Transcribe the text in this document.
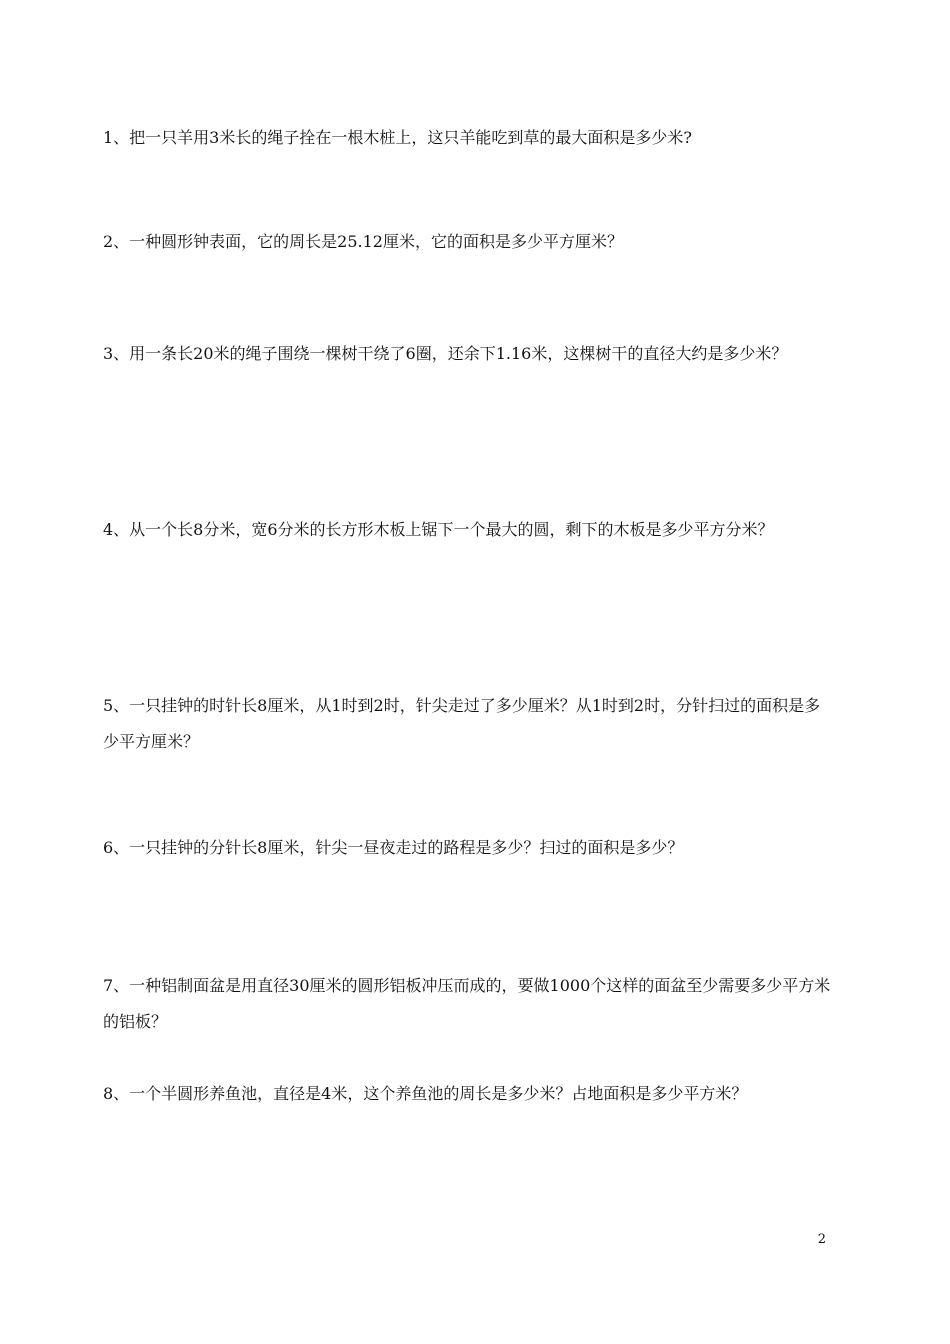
1、把一只羊用3米长的绳子拴在一根木桩上，这只羊能吃到草的最大面积是多少米?

2、一种圆形钟表面，它的周长是25.12厘米，它的面积是多少平方厘米？

3、用一条长20米的绳子围绕一棵树干绕了6圈，还余下1.16米，这棵树干的直径大约是多少米？

4、从一个长8分米，宽6分米的长方形木板上锯下一个最大的圆，剩下的木板是多少平方分米？

5、一只挂钟的时针长8厘米，从1时到2时，针尖走过了多少厘米？从1时到2时，分针扫过的面积是多少平方厘米？

6、一只挂钟的分针长8厘米，针尖一昼夜走过的路程是多少？扫过的面积是多少？

7、一种铝制面盆是用直径30厘米的圆形铝板冲压而成的，要做1000个这样的面盆至少需要多少平方米的铝板？

8、一个半圆形养鱼池，直径是4米，这个养鱼池的周长是多少米？占地面积是多少平方米？

2
